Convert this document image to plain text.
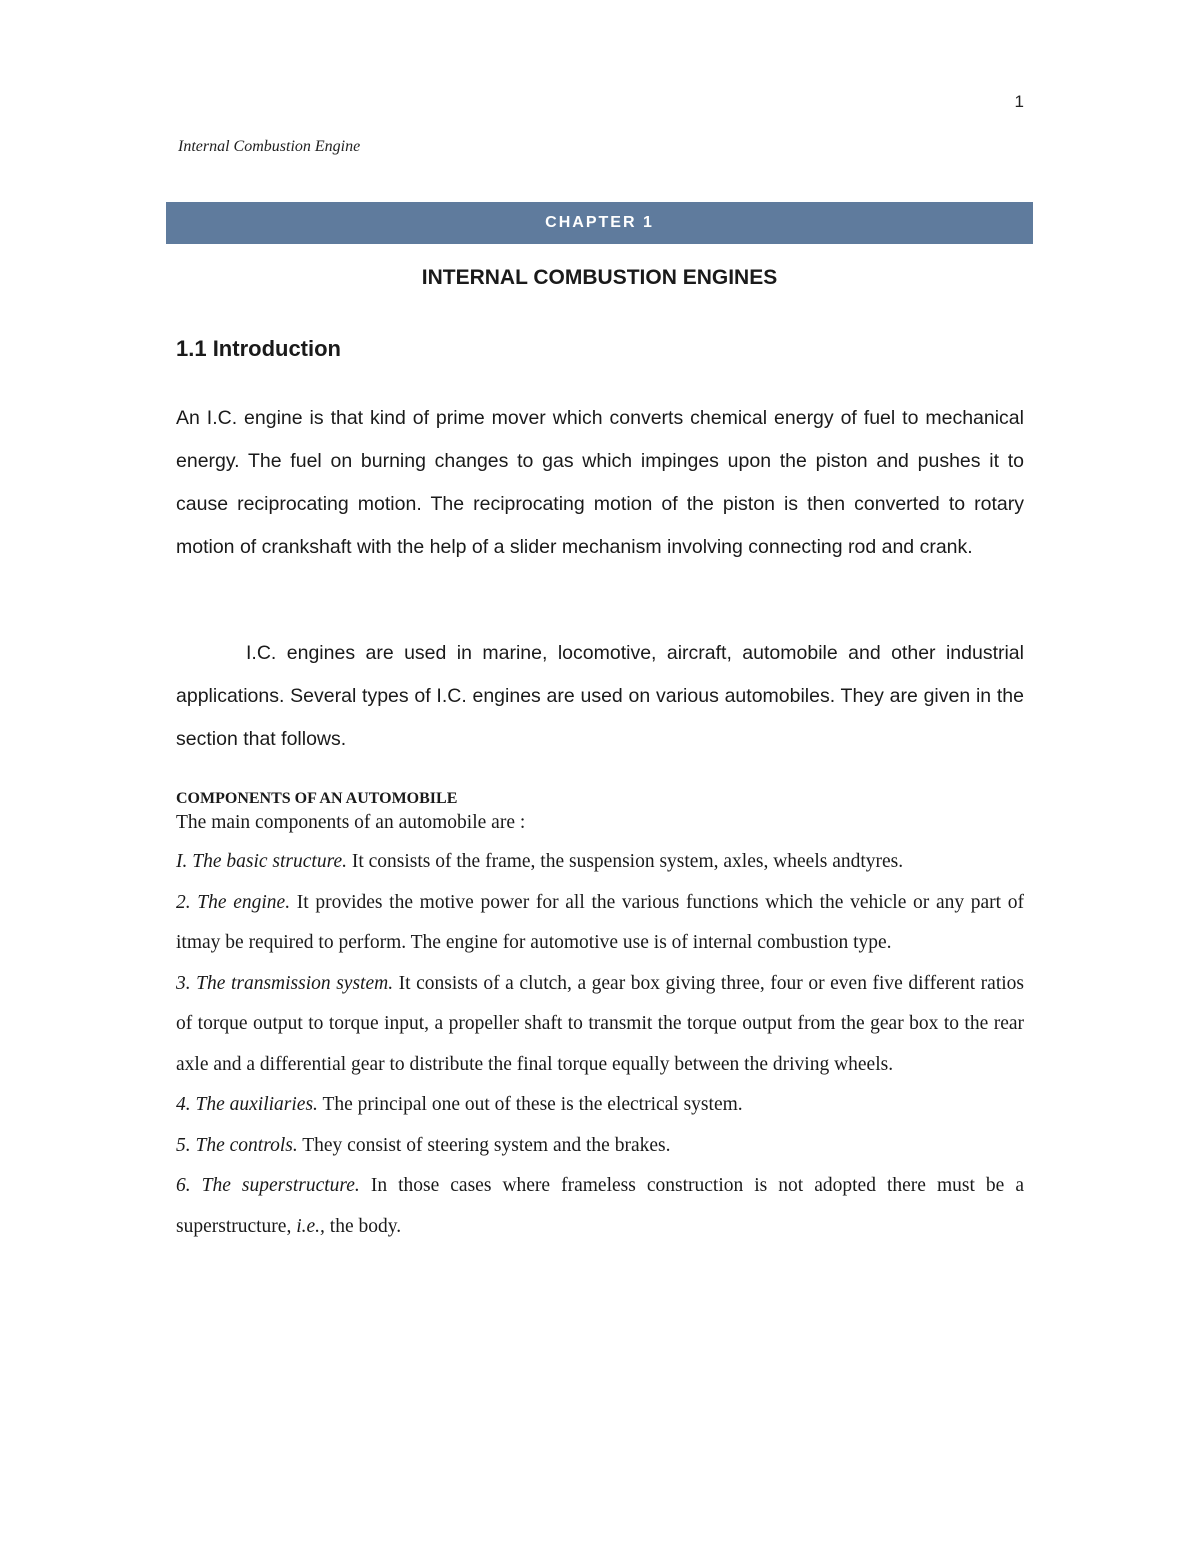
1
Internal Combustion Engine
CHAPTER 1
INTERNAL COMBUSTION ENGINES
1.1 Introduction

An I.C. engine is that kind of prime mover which converts chemical energy of fuel to mechanical energy. The fuel on burning changes to gas which impinges upon the piston and pushes it to cause reciprocating motion. The reciprocating motion of the piston is then converted to rotary motion of crankshaft with the help of a slider mechanism involving connecting rod and crank.

I.C. engines are used in marine, locomotive, aircraft, automobile and other industrial applications. Several types of I.C. engines are used on various automobiles. They are given in the section that follows.

COMPONENTS OF AN AUTOMOBILE

The main components of an automobile are :

I. The basic structure. It consists of the frame, the suspension system, axles, wheels andtyres.

2. The engine. It provides the motive power for all the various functions which the vehicle or any part of itmay be required to perform. The engine for automotive use is of internal combustion type.

3. The transmission system. It consists of a clutch, a gear box giving three, four or even five different ratios of torque output to torque input, a propeller shaft to transmit the torque output from the gear box to the rear axle and a differential gear to distribute the final torque equally between the driving wheels.

4. The auxiliaries. The principal one out of these is the electrical system.

5. The controls. They consist of steering system and the brakes.

6. The superstructure. In those cases where frameless construction is not adopted there must be a superstructure, i.e., the body.
